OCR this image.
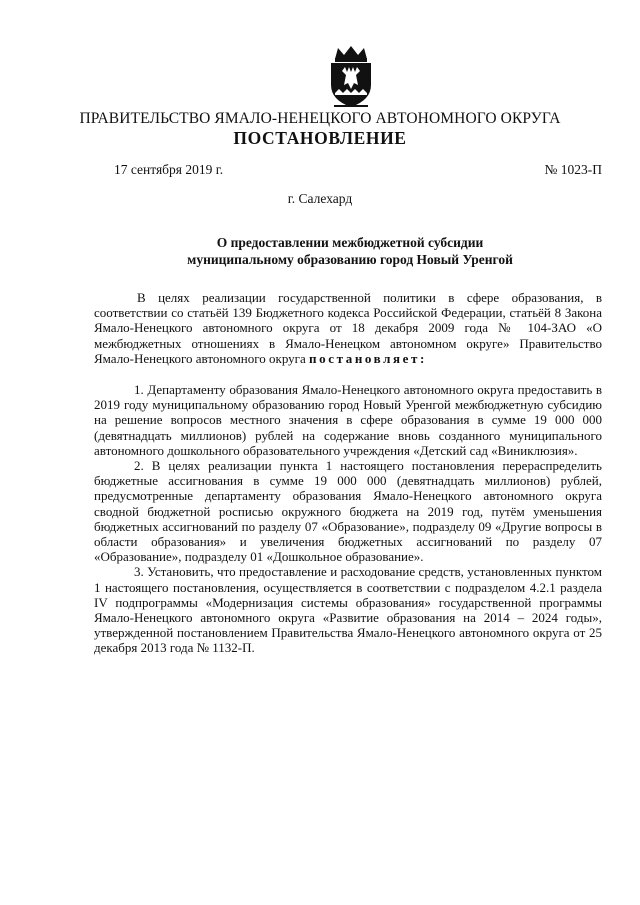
ПРАВИТЕЛЬСТВО ЯМАЛО-НЕНЕЦКОГО АВТОНОМНОГО ОКРУГА
ПОСТАНОВЛЕНИЕ
17 сентября 2019 г.	№ 1023-П
г. Салехард
О предоставлении межбюджетной субсидии
муниципальному образованию город Новый Уренгой

В целях реализации государственной политики в сфере образования, в соответствии со статьёй 139 Бюджетного кодекса Российской Федерации, статьёй 8 Закона Ямало-Ненецкого автономного округа от 18 декабря 2009 года № 104-ЗАО «О межбюджетных отношениях в Ямало-Ненецком автономном округе» Правительство Ямало-Ненецкого автономного округа постановляет:

1. Департаменту образования Ямало-Ненецкого автономного округа предоставить в 2019 году муниципальному образованию город Новый Уренгой межбюджетную субсидию на решение вопросов местного значения в сфере образования в сумме 19 000 000 (девятнадцать миллионов) рублей на содержание вновь созданного муниципального автономного дошкольного образовательного учреждения «Детский сад «Виниклюзия».

2. В целях реализации пункта 1 настоящего постановления перераспределить бюджетные ассигнования в сумме 19 000 000 (девятнадцать миллионов) рублей, предусмотренные департаменту образования Ямало-Ненецкого автономного округа сводной бюджетной росписью окружного бюджета на 2019 год, путём уменьшения бюджетных ассигнований по разделу 07 «Образование», подразделу 09 «Другие вопросы в области образования» и увеличения бюджетных ассигнований по разделу 07 «Образование», подразделу 01 «Дошкольное образование».

3. Установить, что предоставление и расходование средств, установленных пунктом 1 настоящего постановления, осуществляется в соответствии с подразделом 4.2.1 раздела IV подпрограммы «Модернизация системы образования» государственной программы Ямало-Ненецкого автономного округа «Развитие образования на 2014 – 2024 годы», утвержденной постановлением Правительства Ямало-Ненецкого автономного округа от 25 декабря 2013 года № 1132-П.
